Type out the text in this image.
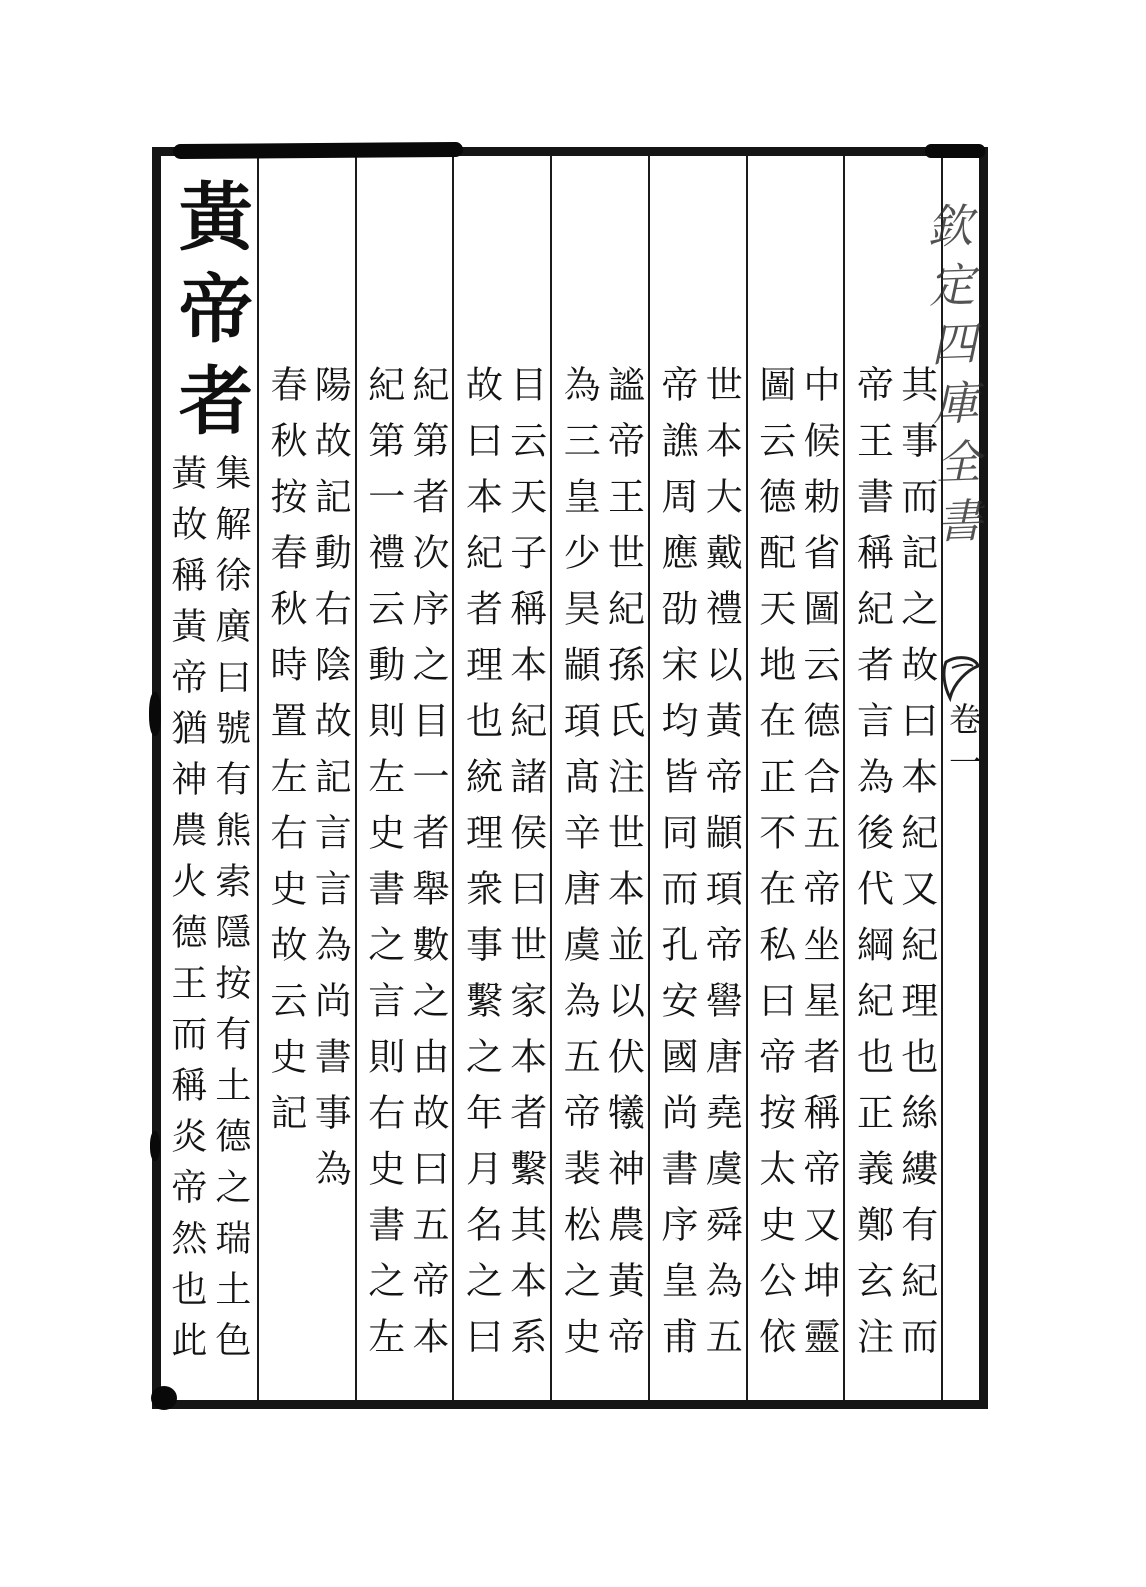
欽定四庫全書
卷一
其事而記之故曰本紀又紀理也絲縷有紀而
帝王書稱紀者言為後代綱紀也正義鄭玄注
中候勅省圖云德合五帝坐星者稱帝又坤靈
圖云德配天地在正不在私曰帝按太史公依
世本大戴禮以黃帝顓頊帝嚳唐堯虞舜為五
帝譙周應劭宋均皆同而孔安國尚書序皇甫
謐帝王世紀孫氏注世本並以伏犧神農黃帝
為三皇少昊顓頊髙辛唐虞為五帝裴松之史
目云天子稱本紀諸侯曰世家本者繫其本系
故曰本紀者理也統理衆事繫之年月名之曰
紀第者次序之目一者舉數之由故曰五帝本
紀第一禮云動則左史書之言則右史書之左
陽故記動右陰故記言言為尚書事為
春秋按春秋時置左右史故云史記
黃帝者
集解徐廣曰號有熊索隱按有土德之瑞土色
黃故稱黃帝猶神農火德王而稱炎帝然也此
